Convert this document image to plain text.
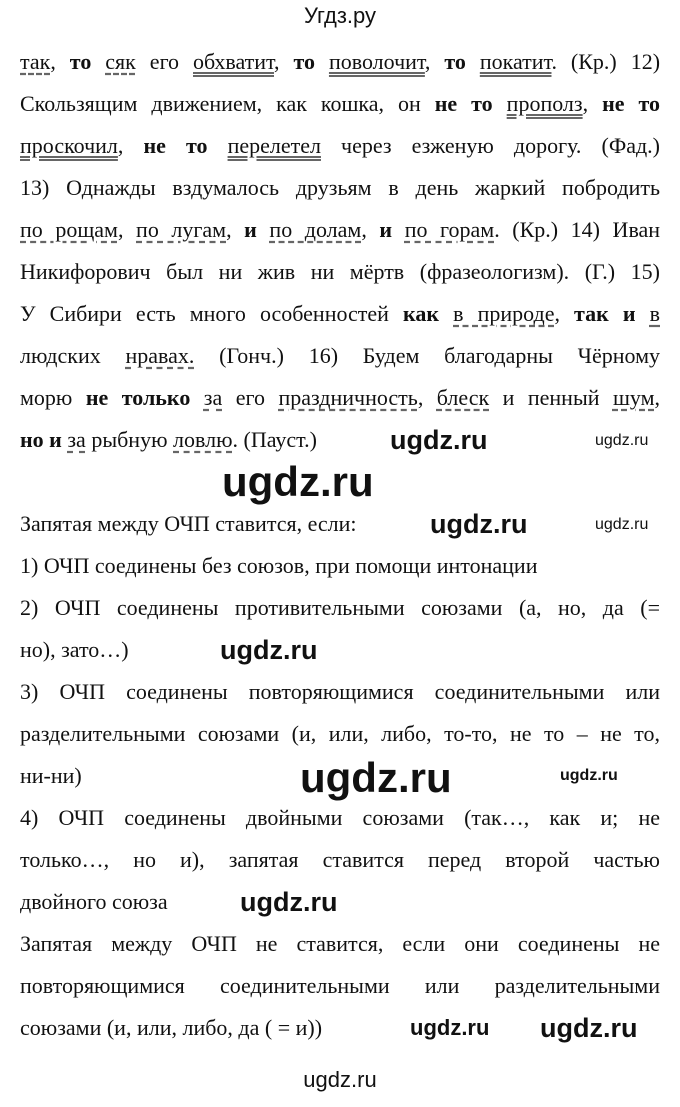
Угдз.ру
так, то сяк его обхватит, то поволочит, то покатит. (Кр.) 12)
Скользящим движением, как кошка, он не то прополз, не то
проскочил, не то перелетел через езженую дорогу. (Фад.)
13) Однажды вздумалось друзьям в день жаркий побродить
по рощам, по лугам, и по долам, и по горам. (Кр.) 14) Иван
Никифорович был ни жив ни мёртв (фразеологизм). (Г.) 15)
У Сибири есть много особенностей как в природе, так и в
людских нравах. (Гонч.) 16) Будем благодарны Чёрному
морю не только за его праздничность, блеск и пенный шум,
но и за рыбную ловлю. (Пауст.)
Запятая между ОЧП ставится, если:
1) ОЧП соединены без союзов, при помощи интонации
2) ОЧП соединены противительными союзами (а, но, да (=
но), зато…)
3) ОЧП соединены повторяющимися соединительными или
разделительными союзами (и, или, либо, то-то, не то – не то,
ни-ни)
4) ОЧП соединены двойными союзами (так…, как и; не
только…, но и), запятая ставится перед второй частью
двойного союза
Запятая между ОЧП не ставится, если они соединены не
повторяющимися соединительными или разделительными
союзами (и, или, либо, да ( = и))
ugdz.ru	ugdz.ru
ugdz.ru
ugdz.ru	ugdz.ru
ugdz.ru
ugdz.ru	ugdz.ru
ugdz.ru
ugdz.ru ugdz.ru
ugdz.ru
